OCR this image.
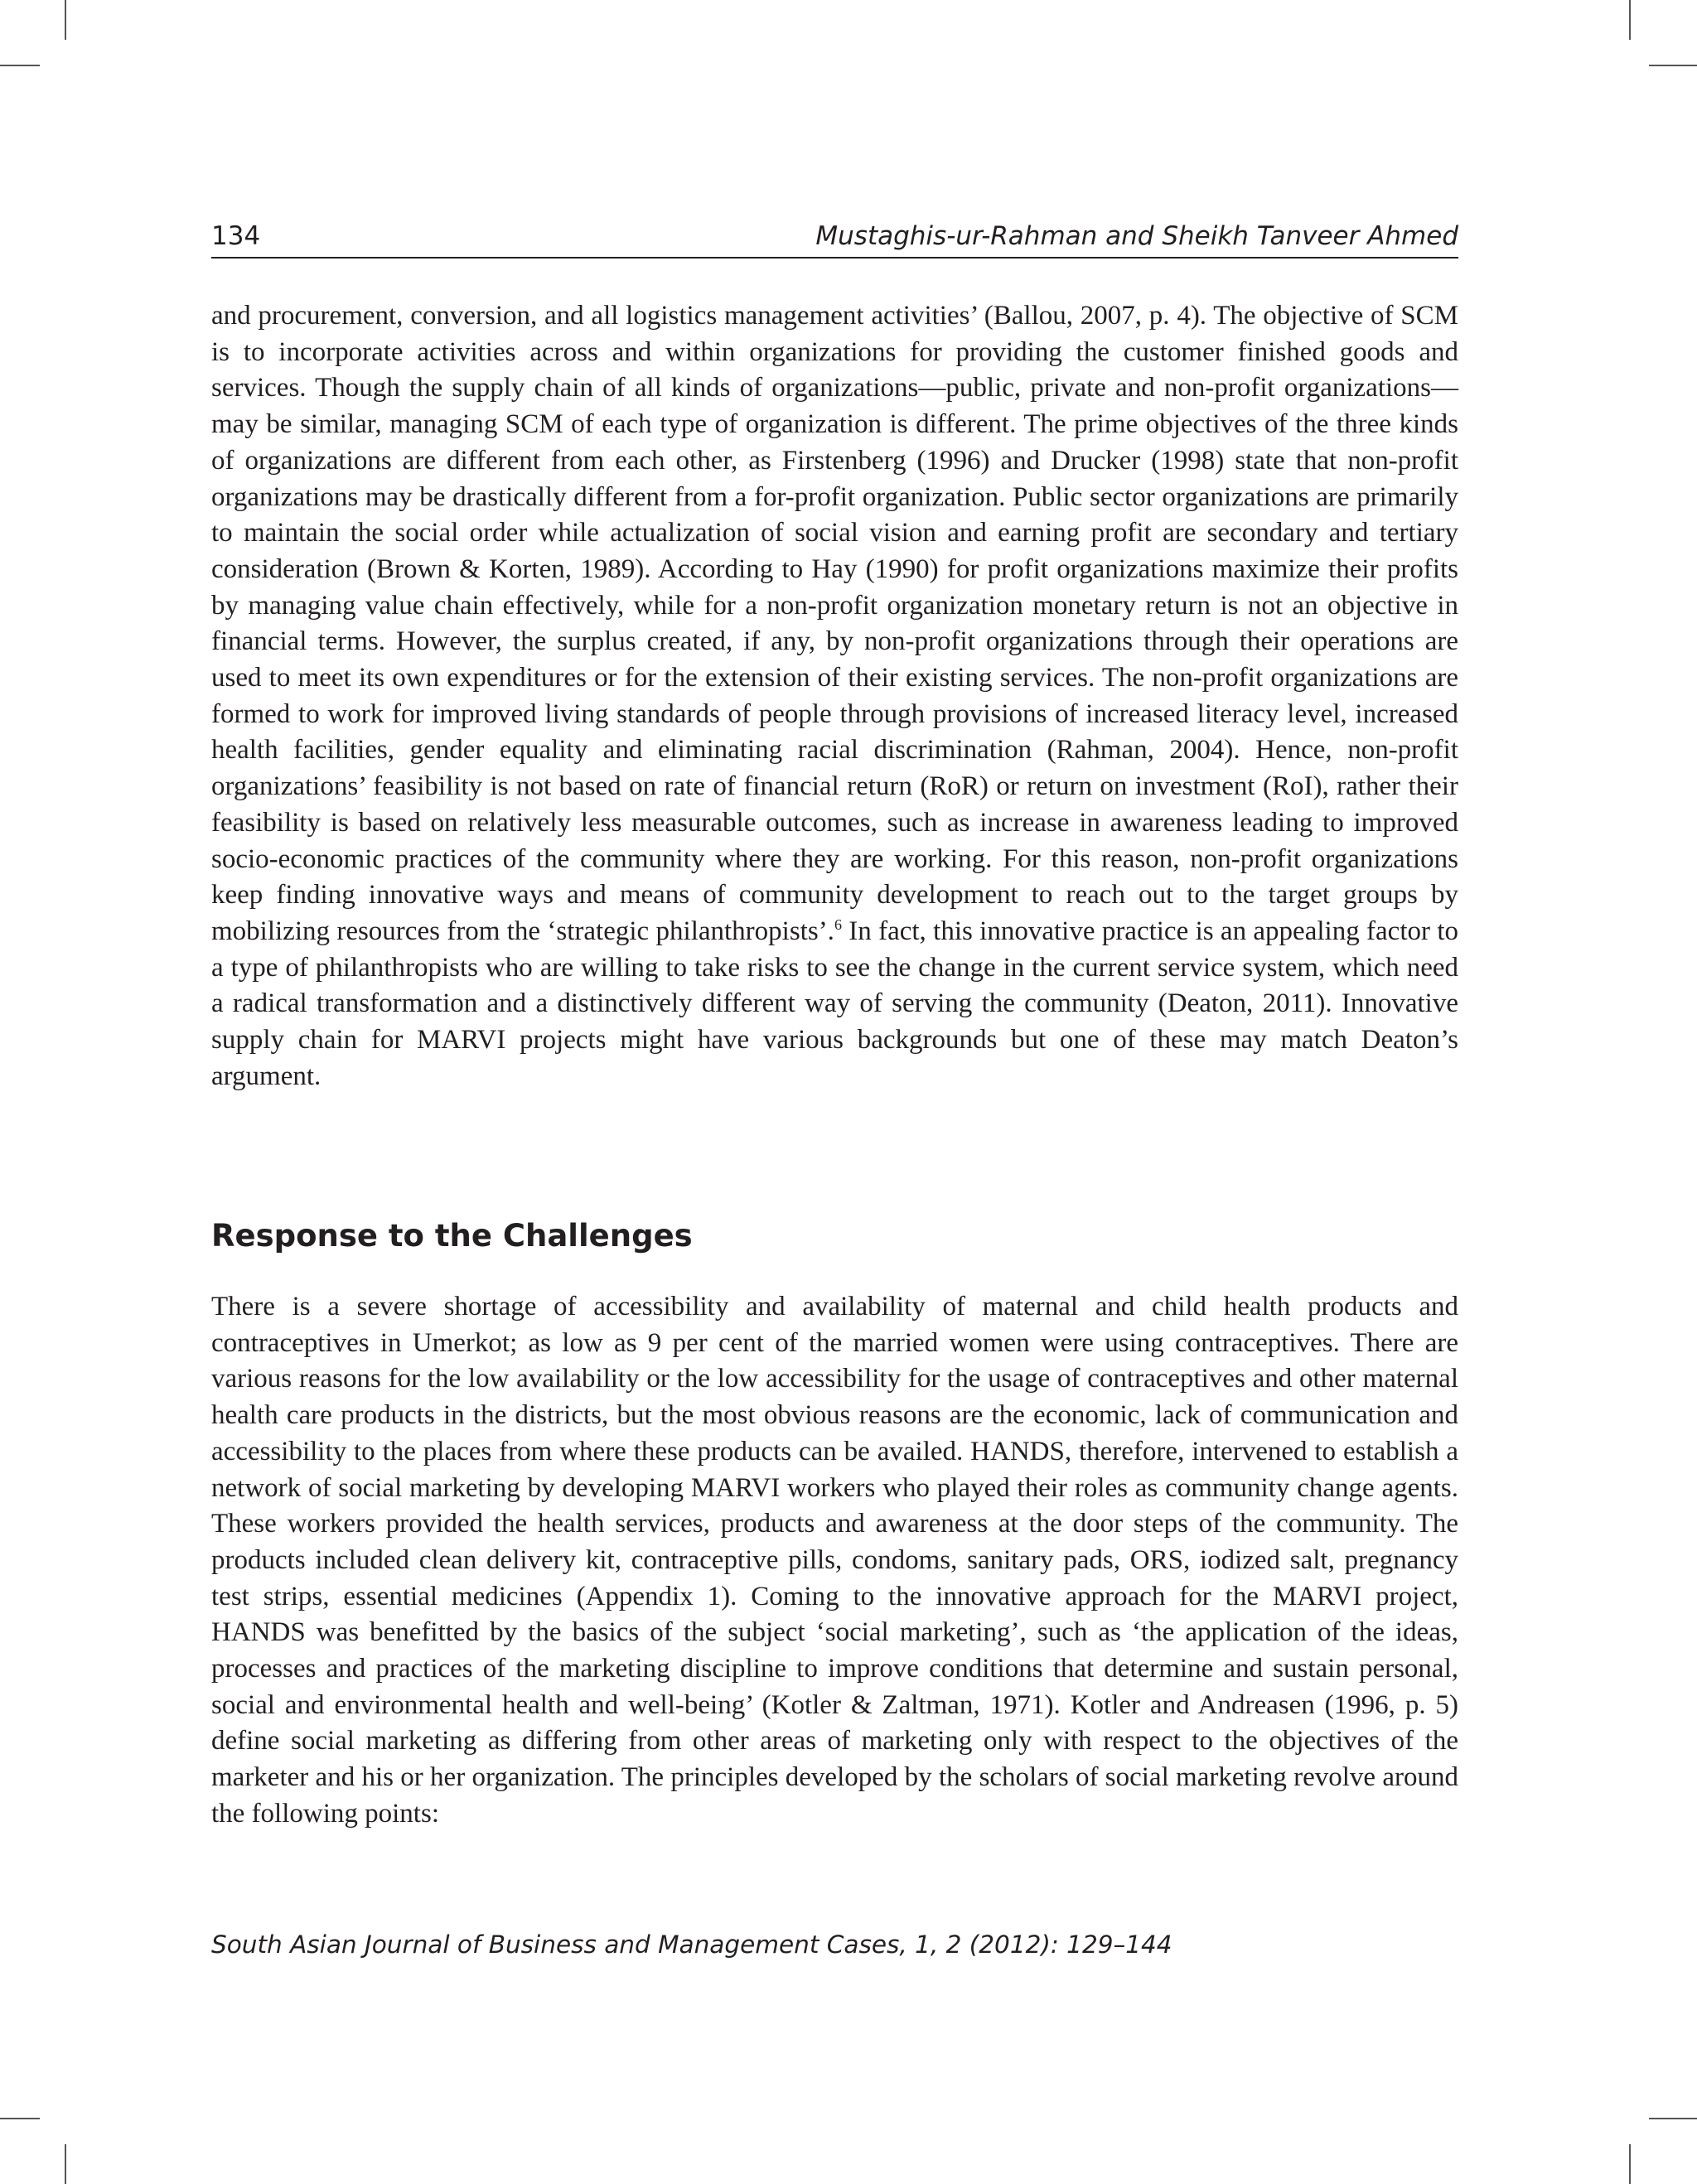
134	Mustaghis-ur-Rahman and Sheikh Tanveer Ahmed

and procurement, conversion, and all logistics management activities’ (Ballou, 2007, p. 4). The objective of SCM is to incorporate activities across and within organizations for providing the customer finished goods and services. Though the supply chain of all kinds of organizations—public, private and non-profit organizations—may be similar, managing SCM of each type of organization is different. The prime objectives of the three kinds of organizations are different from each other, as Firstenberg (1996) and Drucker (1998) state that non-profit organizations may be drastically different from a for-profit organization. Public sector organizations are primarily to maintain the social order while actualization of social vision and earning profit are secondary and tertiary consideration (Brown & Korten, 1989). According to Hay (1990) for profit organizations maximize their profits by managing value chain effectively, while for a non-profit organization monetary return is not an objective in financial terms. However, the surplus created, if any, by non-profit organizations through their operations are used to meet its own expenditures or for the extension of their existing services. The non-profit organizations are formed to work for improved living standards of people through provisions of increased literacy level, increased health facilities, gender equality and eliminating racial discrimination (Rahman, 2004). Hence, non-profit organizations’ feasibility is not based on rate of financial return (RoR) or return on investment (RoI), rather their feasibility is based on relatively less measurable outcomes, such as increase in awareness leading to improved socio-economic practices of the community where they are working. For this reason, non-profit organizations keep finding innovative ways and means of community development to reach out to the target groups by mobilizing resources from the ‘strategic philanthropists’.$^6$ In fact, this innovative practice is an appealing factor to a type of philanthropists who are willing to take risks to see the change in the current service system, which need a radical transformation and a distinctively different way of serving the community (Deaton, 2011). Innovative supply chain for MARVI projects might have various backgrounds but one of these may match Deaton’s argument.

Response to the Challenges

There is a severe shortage of accessibility and availability of maternal and child health products and contraceptives in Umerkot; as low as 9 per cent of the married women were using contraceptives. There are various reasons for the low availability or the low accessibility for the usage of contraceptives and other maternal health care products in the districts, but the most obvious reasons are the economic, lack of communication and accessibility to the places from where these products can be availed. HANDS, therefore, intervened to establish a network of social marketing by developing MARVI workers who played their roles as community change agents. These workers provided the health services, products and awareness at the door steps of the community. The products included clean delivery kit, contraceptive pills, condoms, sanitary pads, ORS, iodized salt, pregnancy test strips, essential medicines (Appendix 1). Coming to the innovative approach for the MARVI project, HANDS was benefitted by the basics of the subject ‘social marketing’, such as ‘the application of the ideas, processes and practices of the marketing discipline to improve conditions that determine and sustain personal, social and environmental health and well-being’ (Kotler & Zaltman, 1971). Kotler and Andreasen (1996, p. 5) define social marketing as differing from other areas of marketing only with respect to the objectives of the marketer and his or her organization. The principles developed by the scholars of social marketing revolve around the following points:

South Asian Journal of Business and Management Cases, 1, 2 (2012): 129–144
